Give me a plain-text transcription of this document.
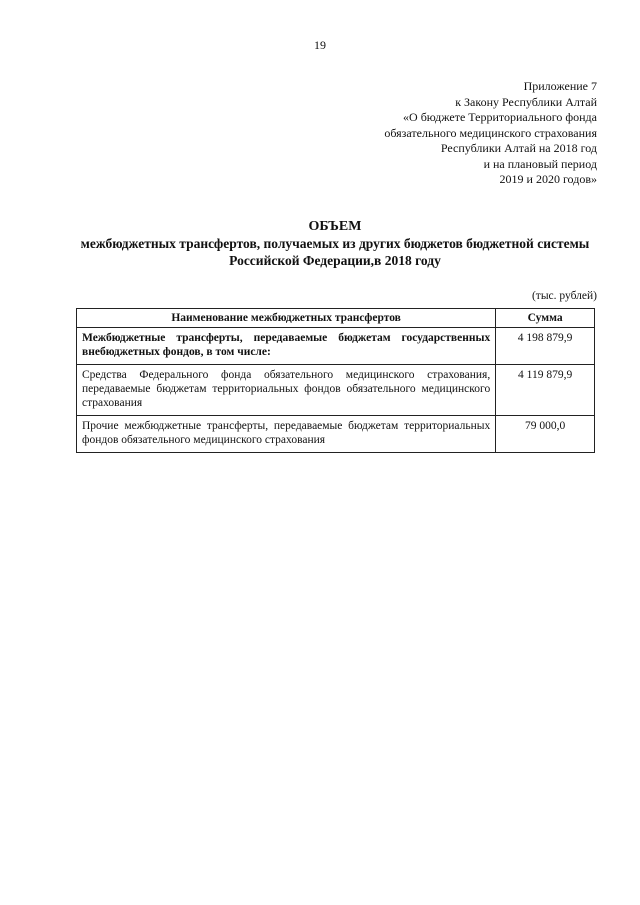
19
Приложение 7
к Закону Республики Алтай
«О бюджете Территориального фонда
обязательного медицинского страхования
Республики Алтай на 2018 год
и на плановый период
2019 и 2020 годов»
ОБЪЕМ
межбюджетных трансфертов, получаемых из других бюджетов бюджетной системы Российской Федерации,в 2018 году
(тыс. рублей)
Наименование межбюджетных трансфертов	Сумма
Межбюджетные трансферты, передаваемые бюджетам государственных внебюджетных фондов, в том числе:	4 198 879,9
Средства Федерального фонда обязательного медицинского страхования, передаваемые бюджетам территориальных фондов обязательного медицинского страхования	4 119 879,9
Прочие межбюджетные трансферты, передаваемые бюджетам территориальных фондов обязательного медицинского страхования	79 000,0
